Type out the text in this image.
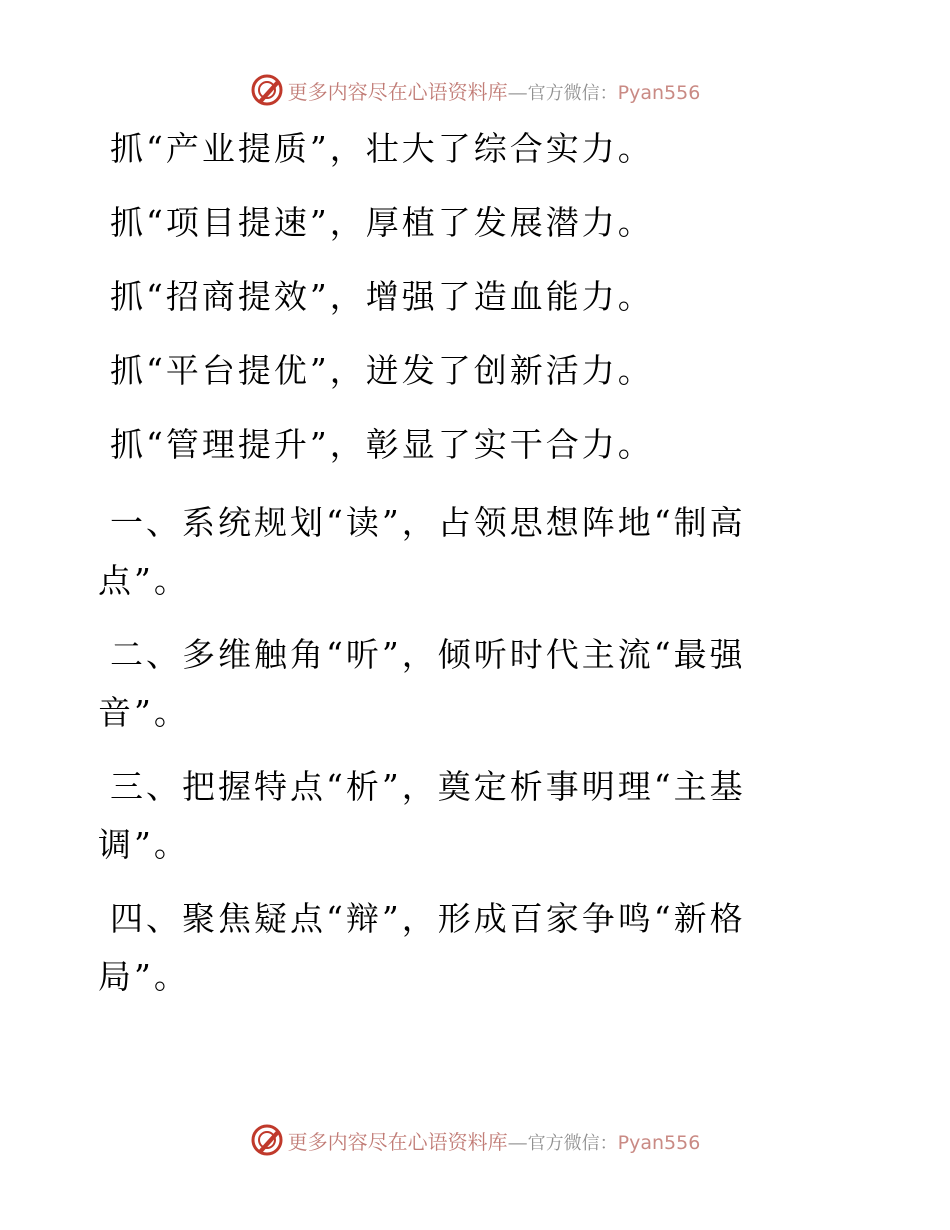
更多内容尽在心语资料库—官方微信：Pyan556
抓“产业提质”，壮大了综合实力。
抓“项目提速”，厚植了发展潜力。
抓“招商提效”，增强了造血能力。
抓“平台提优”，迸发了创新活力。
抓“管理提升”，彰显了实干合力。
一、系统规划“读”，占领思想阵地“制高
点”。
二、多维触角“听”，倾听时代主流“最强
音”。
三、把握特点“析”，奠定析事明理“主基
调”。
四、聚焦疑点“辩”，形成百家争鸣“新格
局”。
更多内容尽在心语资料库—官方微信：Pyan556
